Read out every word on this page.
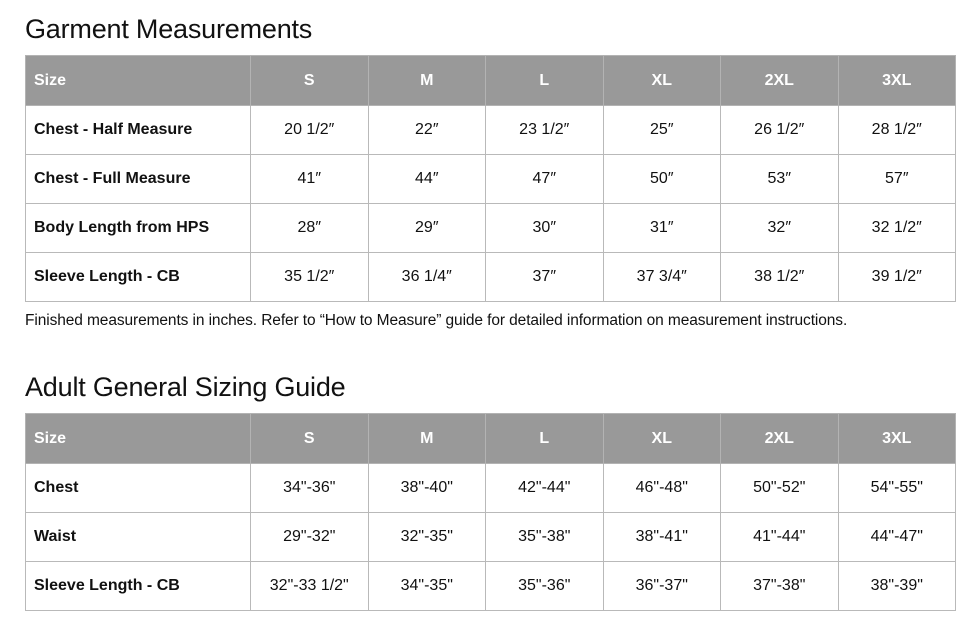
Garment Measurements
Size	S	M	L	XL	2XL	3XL
Chest - Half Measure	20 1/2″	22″	23 1/2″	25″	26 1/2″	28 1/2″
Chest - Full Measure	41″	44″	47″	50″	53″	57″
Body Length from HPS	28″	29″	30″	31″	32″	32 1/2″
Sleeve Length - CB	35 1/2″	36 1/4″	37″	37 3/4″	38 1/2″	39 1/2″
Finished measurements in inches. Refer to “How to Measure” guide for detailed information on measurement instructions.
Adult General Sizing Guide
Size	S	M	L	XL	2XL	3XL
Chest	34"-36"	38"-40"	42"-44"	46"-48"	50"-52"	54"-55"
Waist	29"-32"	32"-35"	35"-38"	38"-41"	41"-44"	44"-47"
Sleeve Length - CB	32"-33 1/2"	34"-35"	35"-36"	36"-37"	37"-38"	38"-39"
